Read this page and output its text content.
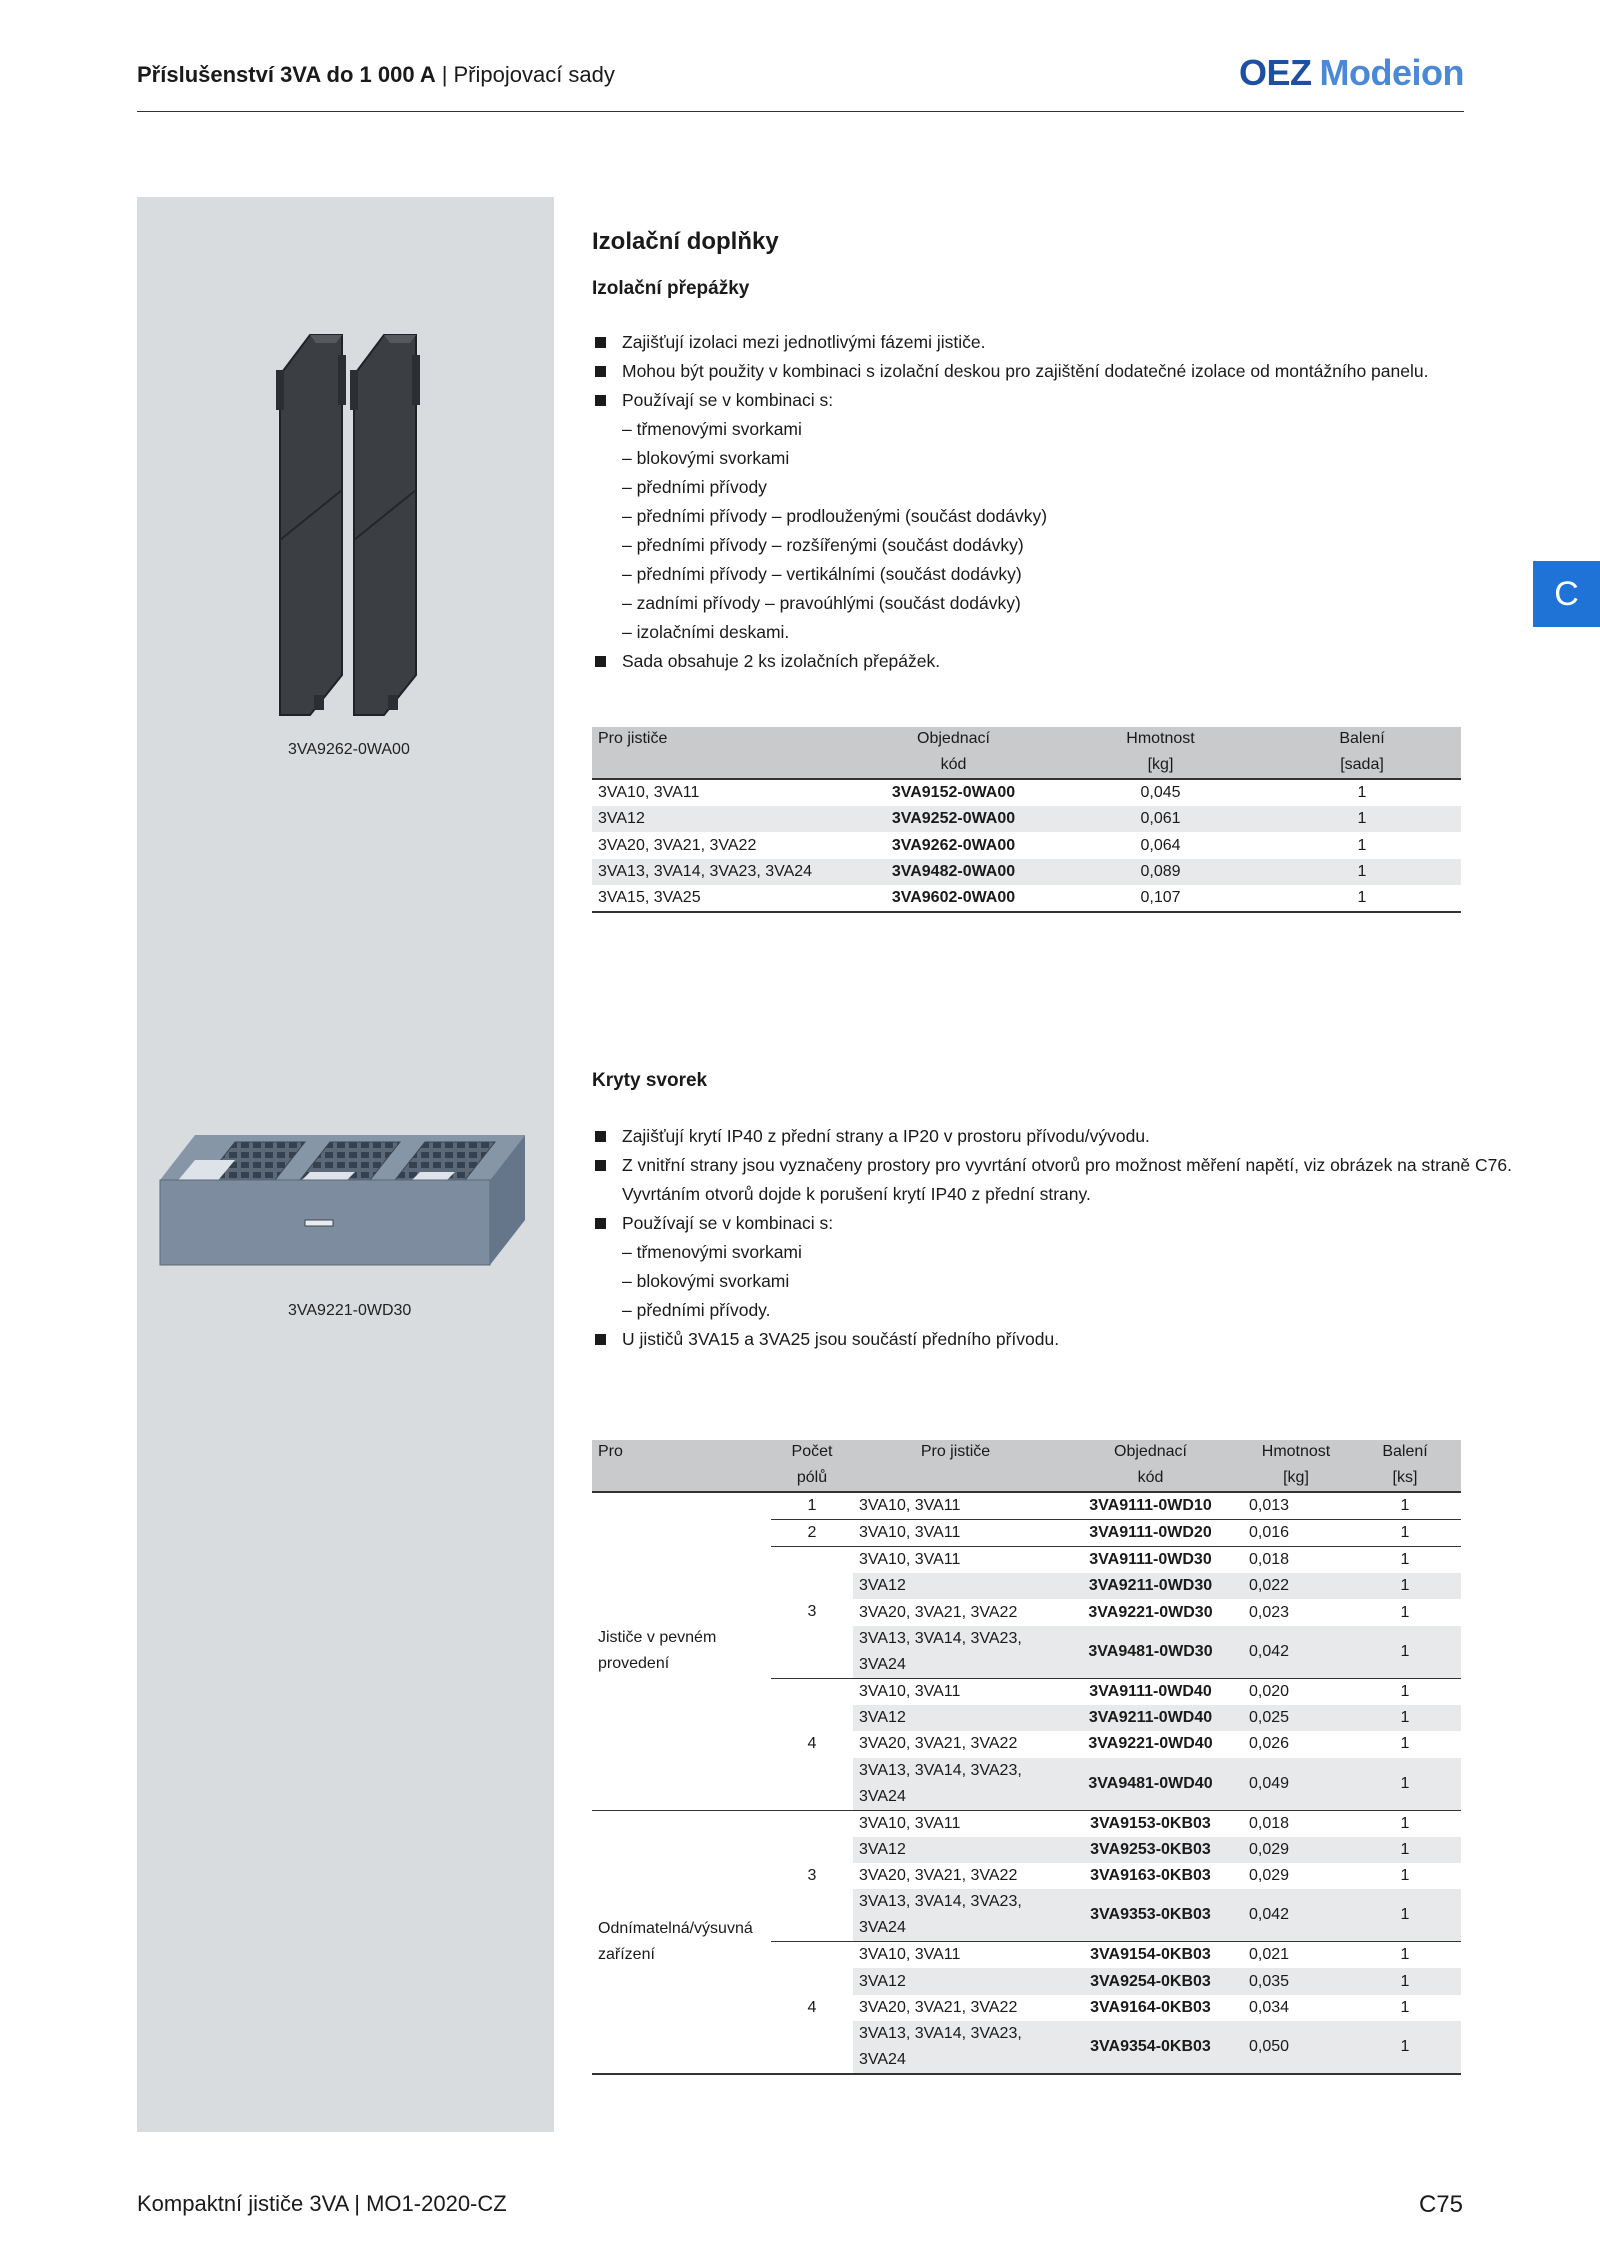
Příslušenství 3VA do 1 000 A | Připojovací sady	OEZ Modeion
C
3VA9262-0WA00
3VA9221-0WD30
Izolační doplňky
Izolační přepážky
Zajišťují izolaci mezi jednotlivými fázemi jističe.
Mohou být použity v kombinaci s izolační deskou pro zajištění dodatečné izolace od montážního panelu.
Používají se v kombinaci s:
– třmenovými svorkami
– blokovými svorkami
– předními přívody
– předními přívody – prodlouženými (součást dodávky)
– předními přívody – rozšířenými (součást dodávky)
– předními přívody – vertikálními (součást dodávky)
– zadními přívody – pravoúhlými (součást dodávky)
– izolačními deskami.
Sada obsahuje 2 ks izolačních přepážek.
Pro jističe	Objednací	Hmotnost	Balení
	kód	[kg]	[sada]
3VA10, 3VA11	3VA9152-0WA00	0,045	1
3VA12	3VA9252-0WA00	0,061	1
3VA20, 3VA21, 3VA22	3VA9262-0WA00	0,064	1
3VA13, 3VA14, 3VA23, 3VA24	3VA9482-0WA00	0,089	1
3VA15, 3VA25	3VA9602-0WA00	0,107	1
Kryty svorek
Zajišťují krytí IP40 z přední strany a IP20 v prostoru přívodu/vývodu.
Z vnitřní strany jsou vyznačeny prostory pro vyvrtání otvorů pro možnost měření napětí, viz obrázek na straně C76.
Vyvrtáním otvorů dojde k porušení krytí IP40 z přední strany.
Používají se v kombinaci s:
– třmenovými svorkami
– blokovými svorkami
– předními přívody.
U jističů 3VA15 a 3VA25 jsou součástí předního přívodu.
Pro	Počet	Pro jističe	Objednací	Hmotnost	Balení
	pólů		kód	[kg]	[ks]
Jističe v pevném provedení	1	3VA10, 3VA11	3VA9111-0WD10	0,013	1
	2	3VA10, 3VA11	3VA9111-0WD20	0,016	1
	3	3VA10, 3VA11	3VA9111-0WD30	0,018	1
		3VA12	3VA9211-0WD30	0,022	1
		3VA20, 3VA21, 3VA22	3VA9221-0WD30	0,023	1
		3VA13, 3VA14, 3VA23, 3VA24	3VA9481-0WD30	0,042	1
	4	3VA10, 3VA11	3VA9111-0WD40	0,020	1
		3VA12	3VA9211-0WD40	0,025	1
		3VA20, 3VA21, 3VA22	3VA9221-0WD40	0,026	1
		3VA13, 3VA14, 3VA23, 3VA24	3VA9481-0WD40	0,049	1
Odnímatelná/výsuvná zařízení	3	3VA10, 3VA11	3VA9153-0KB03	0,018	1
		3VA12	3VA9253-0KB03	0,029	1
		3VA20, 3VA21, 3VA22	3VA9163-0KB03	0,029	1
		3VA13, 3VA14, 3VA23, 3VA24	3VA9353-0KB03	0,042	1
	4	3VA10, 3VA11	3VA9154-0KB03	0,021	1
		3VA12	3VA9254-0KB03	0,035	1
		3VA20, 3VA21, 3VA22	3VA9164-0KB03	0,034	1
		3VA13, 3VA14, 3VA23, 3VA24	3VA9354-0KB03	0,050	1
Kompaktní jističe 3VA | MO1-2020-CZ	C75
